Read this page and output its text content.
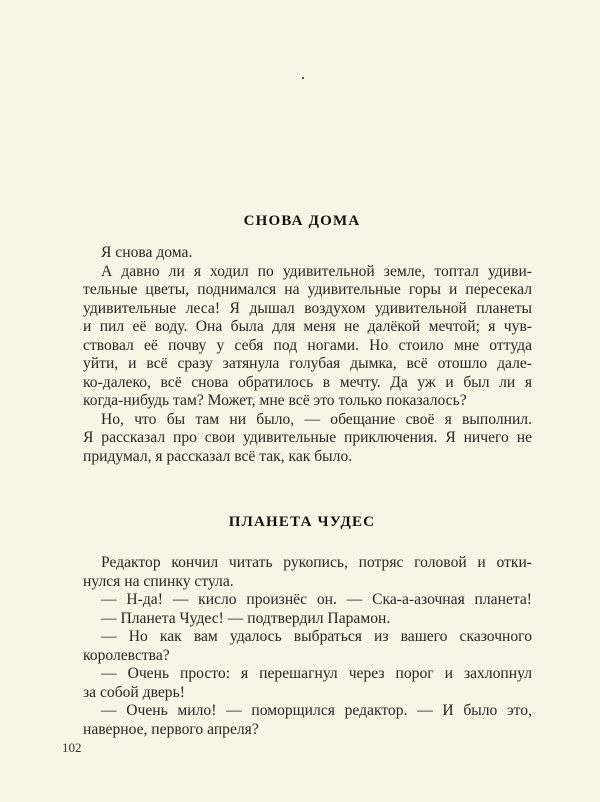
СНОВА ДОМА
Я снова дома.
А давно ли я ходил по удивительной земле, топтал удиви-
тельные цветы, поднимался на удивительные горы и пересекал
удивительные леса! Я дышал воздухом удивительной планеты
и пил её воду. Она была для меня не далёкой мечтой; я чув-
ствовал её почву у себя под ногами. Но стоило мне оттуда
уйти, и всё сразу затянула голубая дымка, всё отошло дале-
ко-далеко, всё снова обратилось в мечту. Да уж и был ли я
когда-нибудь там? Может, мне всё это только показалось?
Но, что бы там ни было, — обещание своё я выполнил.
Я рассказал про свои удивительные приключения. Я ничего не
придумал, я рассказал всё так, как было.
ПЛАНЕТА ЧУДЕС
Редактор кончил читать рукопись, потряс головой и отки-
нулся на спинку стула.
— Н-да! — кисло произнёс он. — Ска-а-азочная планета!
— Планета Чудес! — подтвердил Парамон.
— Но как вам удалось выбраться из вашего сказочного
королевства?
— Очень просто: я перешагнул через порог и захлопнул
за собой дверь!
— Очень мило! — поморщился редактор. — И было это,
наверное, первого апреля?
102
